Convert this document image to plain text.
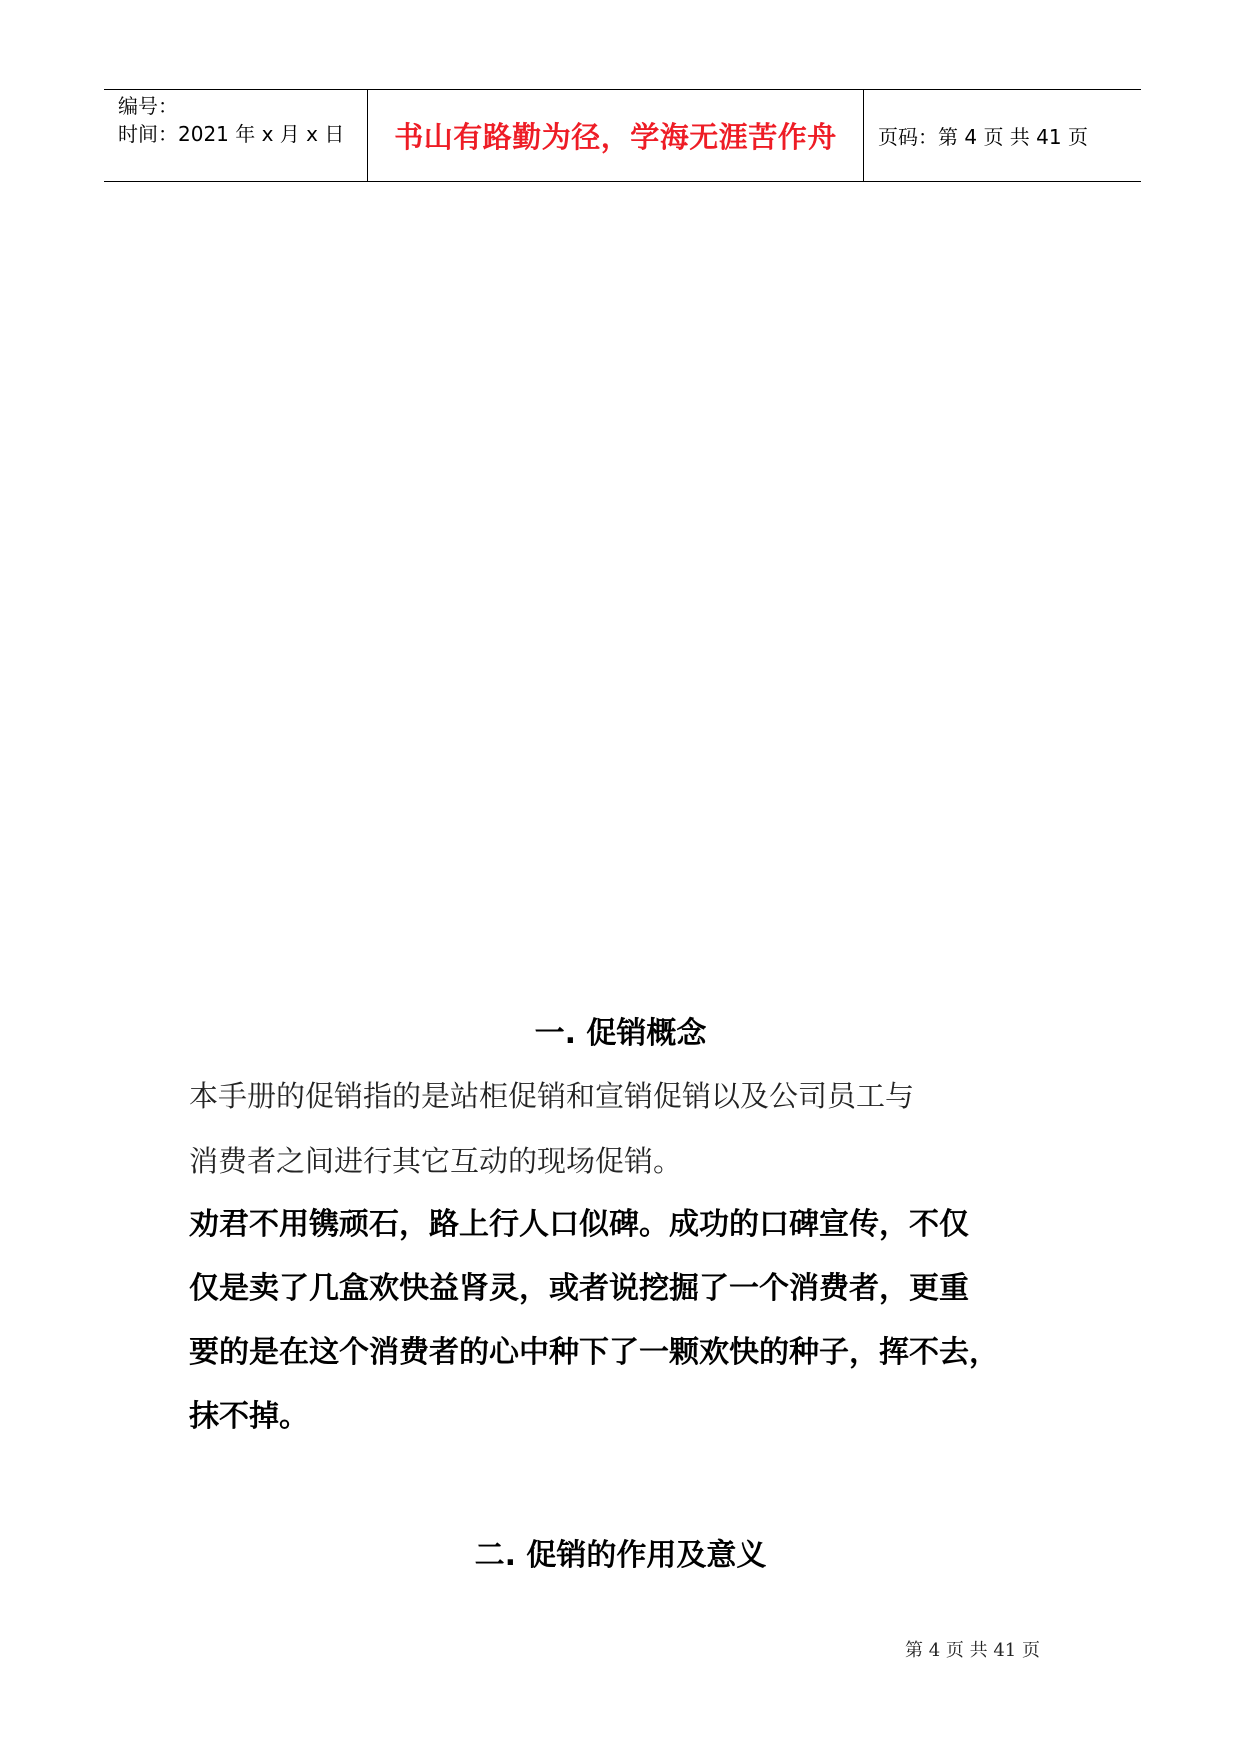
编号：
时间：2021 年 x 月 x 日 书山有路勤为径，学海无涯苦作舟 页码：第 4 页 共 41 页
一. 促销概念
本手册的促销指的是站柜促销和宣销促销以及公司员工与
消费者之间进行其它互动的现场促销。
劝君不用镌顽石，路上行人口似碑。成功的口碑宣传，不仅
仅是卖了几盒欢快益肾灵，或者说挖掘了一个消费者，更重
要的是在这个消费者的心中种下了一颗欢快的种子，挥不去，
抹不掉。
二. 促销的作用及意义
第 4 页 共 41 页
